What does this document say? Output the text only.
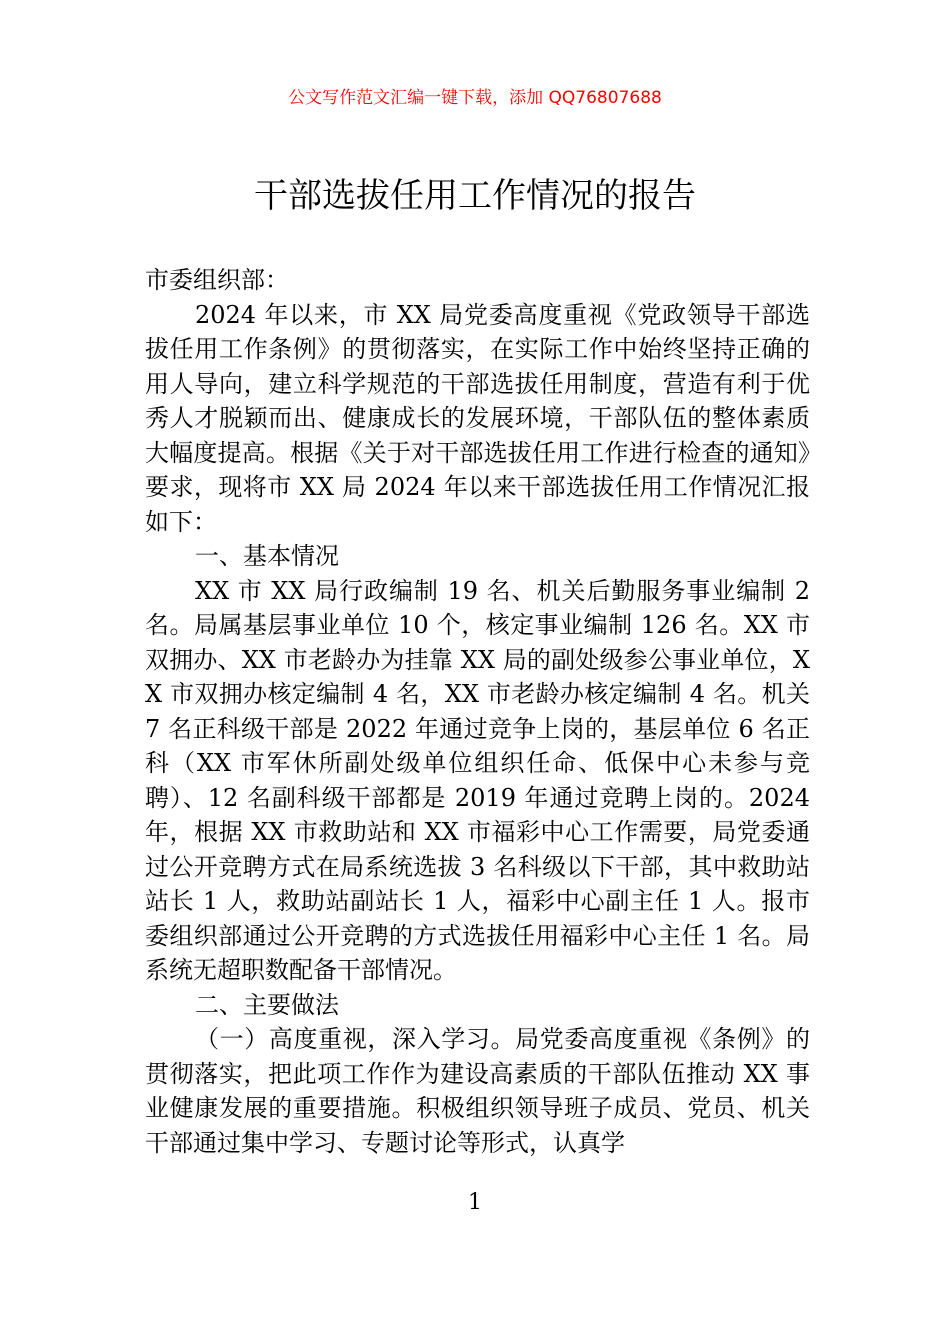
公文写作范文汇编一键下载，添加 QQ76807688
干部选拔任用工作情况的报告

市委组织部：

2024 年以来，市 XX 局党委高度重视《党政领导干部选拔任用工作条例》的贯彻落实，在实际工作中始终坚持正确的用人导向，建立科学规范的干部选拔任用制度，营造有利于优秀人才脱颖而出、健康成长的发展环境，干部队伍的整体素质大幅度提高。根据《关于对干部选拔任用工作进行检查的通知》要求，现将市 XX 局 2024 年以来干部选拔任用工作情况汇报如下：

一、基本情况

XX 市 XX 局行政编制 19 名、机关后勤服务事业编制 2 名。局属基层事业单位 10 个，核定事业编制 126 名。XX 市双拥办、XX 市老龄办为挂靠 XX 局的副处级参公事业单位，XX 市双拥办核定编制 4 名，XX 市老龄办核定编制 4 名。机关 7 名正科级干部是 2022 年通过竞争上岗的，基层单位 6 名正科（XX 市军休所副处级单位组织任命、低保中心未参与竞聘）、12 名副科级干部都是 2019 年通过竞聘上岗的。2024 年，根据 XX 市救助站和 XX 市福彩中心工作需要，局党委通过公开竞聘方式在局系统选拔 3 名科级以下干部，其中救助站站长 1 人，救助站副站长 1 人，福彩中心副主任 1 人。报市委组织部通过公开竞聘的方式选拔任用福彩中心主任 1 名。局系统无超职数配备干部情况。

二、主要做法

（一）高度重视，深入学习。局党委高度重视《条例》的贯彻落实，把此项工作作为建设高素质的干部队伍推动 XX 事业健康发展的重要措施。积极组织领导班子成员、党员、机关干部通过集中学习、专题讨论等形式，认真学

1
